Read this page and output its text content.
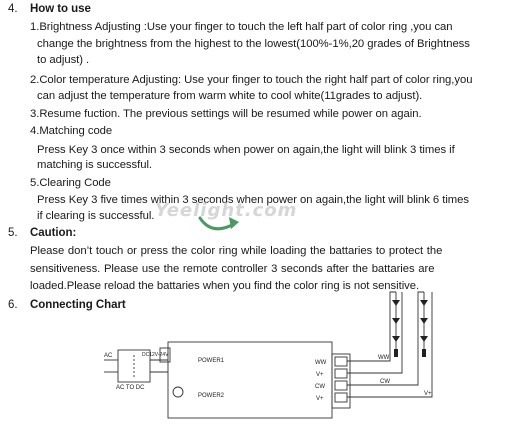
4. How to use
1.Brightness Adjusting :Use your finger to touch the left half part of color ring ,you can
change the brightness from the highest to the lowest(100%-1%,20 grades of Brightness
to adjust) .
2.Color temperature Adjusting: Use your finger to touch the right half part of color ring,you
can adjust the temperature from warm white to cool white(11grades to adjust).
3.Resume fuction. The previous settings will be resumed while power on again.
4.Matching code
Press Key 3 once within 3 seconds when power on again,the light will blink 3 times if
matching is successful.
5.Clearing Code
Press Key 3 five times within 3 seconds when power on again,the light will blink 6 times
if clearing is successful. Yeelight.com
5. Caution:
Please don’t touch or press the color ring while loading the battaries to protect the
sensitiveness. Please use the remote controller 3 seconds after the battaries are
loaded.Please reload the battaries when you find the color ring is not sensitive.
6. Connecting Chart
AC	DC12V-24V
AC TO DC
POWER1
POWER2
WW
V+
CW
V+
WW
CW
V+
